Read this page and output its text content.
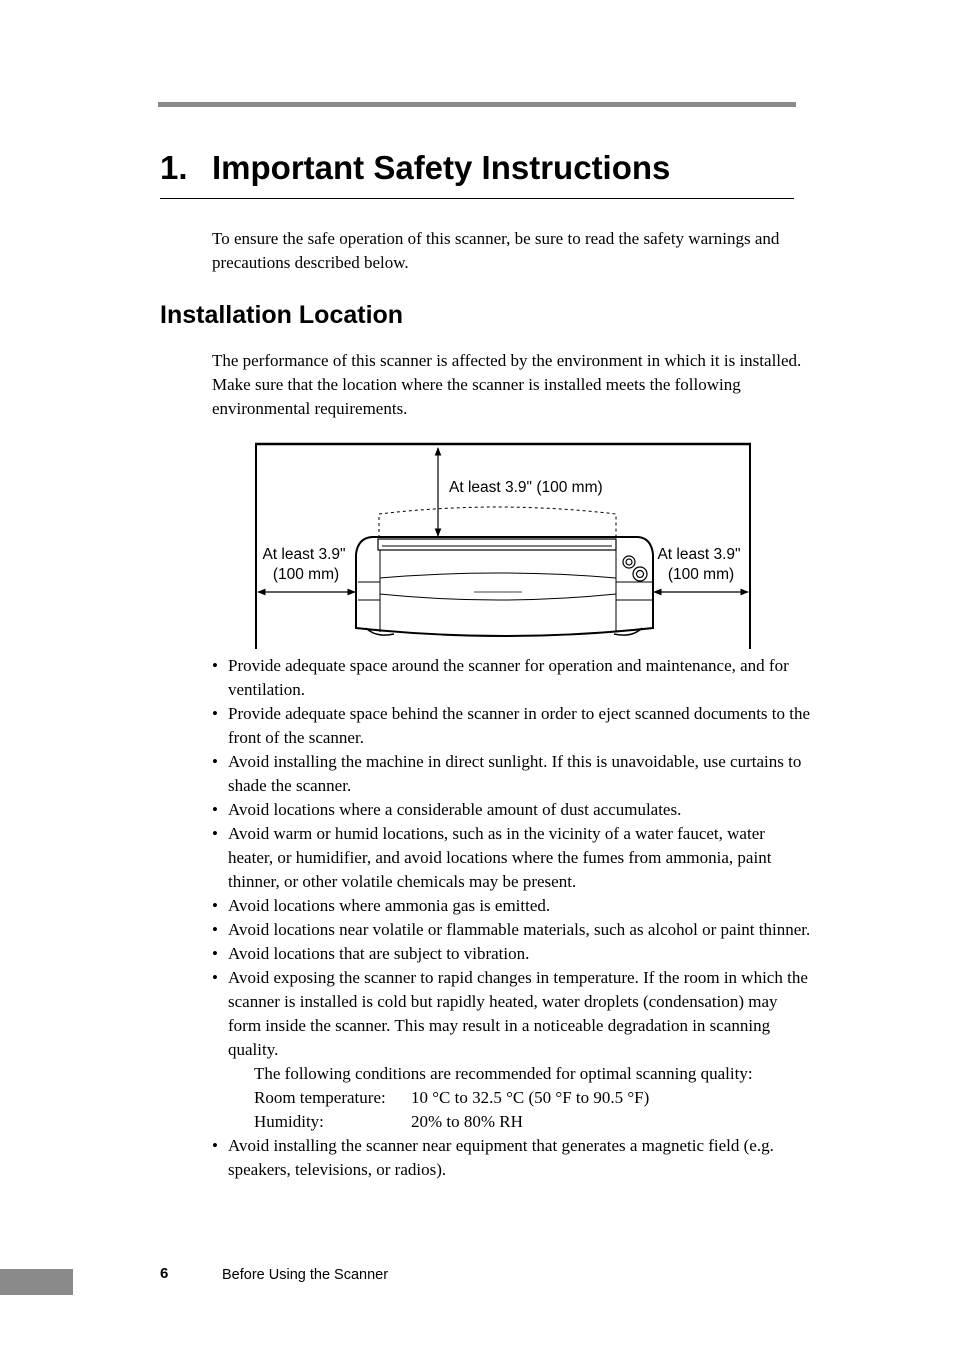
1. Important Safety Instructions

To ensure the safe operation of this scanner, be sure to read the safety warnings and precautions described below.

Installation Location

The performance of this scanner is affected by the environment in which it is installed. Make sure that the location where the scanner is installed meets the following environmental requirements.

At least 3.9" (100 mm)
At least 3.9"
(100 mm)
At least 3.9"
(100 mm)
• Provide adequate space around the scanner for operation and maintenance, and for ventilation.
• Provide adequate space behind the scanner in order to eject scanned documents to the front of the scanner.
• Avoid installing the machine in direct sunlight. If this is unavoidable, use curtains to shade the scanner.
• Avoid locations where a considerable amount of dust accumulates.
• Avoid warm or humid locations, such as in the vicinity of a water faucet, water heater, or humidifier, and avoid locations where the fumes from ammonia, paint thinner, or other volatile chemicals may be present.
• Avoid locations where ammonia gas is emitted.
• Avoid locations near volatile or flammable materials, such as alcohol or paint thinner.
• Avoid locations that are subject to vibration.
• Avoid exposing the scanner to rapid changes in temperature. If the room in which the scanner is installed is cold but rapidly heated, water droplets (condensation) may form inside the scanner. This may result in a noticeable degradation in scanning quality.
The following conditions are recommended for optimal scanning quality:
Room temperature:	10 °C to 32.5 °C (50 °F to 90.5 °F)
Humidity:	20% to 80% RH
• Avoid installing the scanner near equipment that generates a magnetic field (e.g. speakers, televisions, or radios).
6	Before Using the Scanner
